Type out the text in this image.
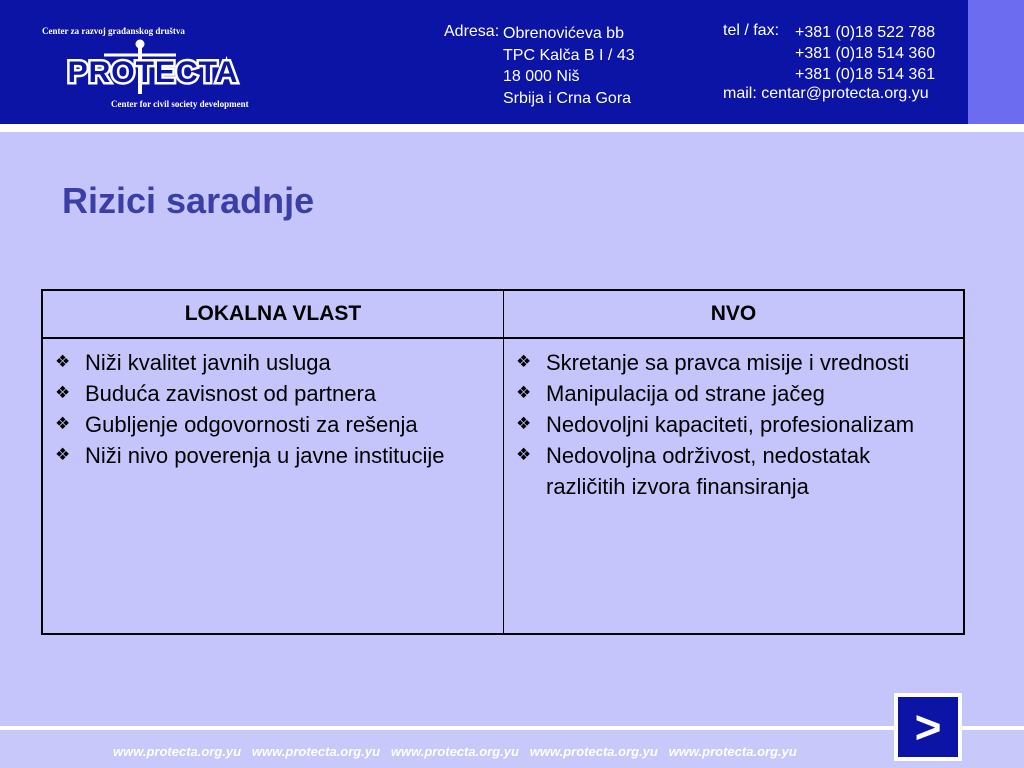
Center za razvoj građanskog društva
PROTECTA
Center for civil society development
Adresa: Obrenovićeva bb
TPC Kalča B I / 43
18 000 Niš
Srbija i Crna Gora
tel / fax: +381 (0)18 522 788
+381 (0)18 514 360
+381 (0)18 514 361
mail: centar@protecta.org.yu
Rizici saradnje
LOKALNA VLAST	NVO
❖ Niži kvalitet javnih usluga
❖ Buduća zavisnost od partnera
❖ Gubljenje odgovornosti za rešenja
❖ Niži nivo poverenja u javne institucije
❖ Skretanje sa pravca misije i vrednosti
❖ Manipulacija od strane jačeg
❖ Nedovoljni kapaciteti, profesionalizam
❖ Nedovoljna održivost, nedostatak različitih izvora finansiranja
www.protecta.org.yu   www.protecta.org.yu   www.protecta.org.yu   www.protecta.org.yu   www.protecta.org.yu	>
